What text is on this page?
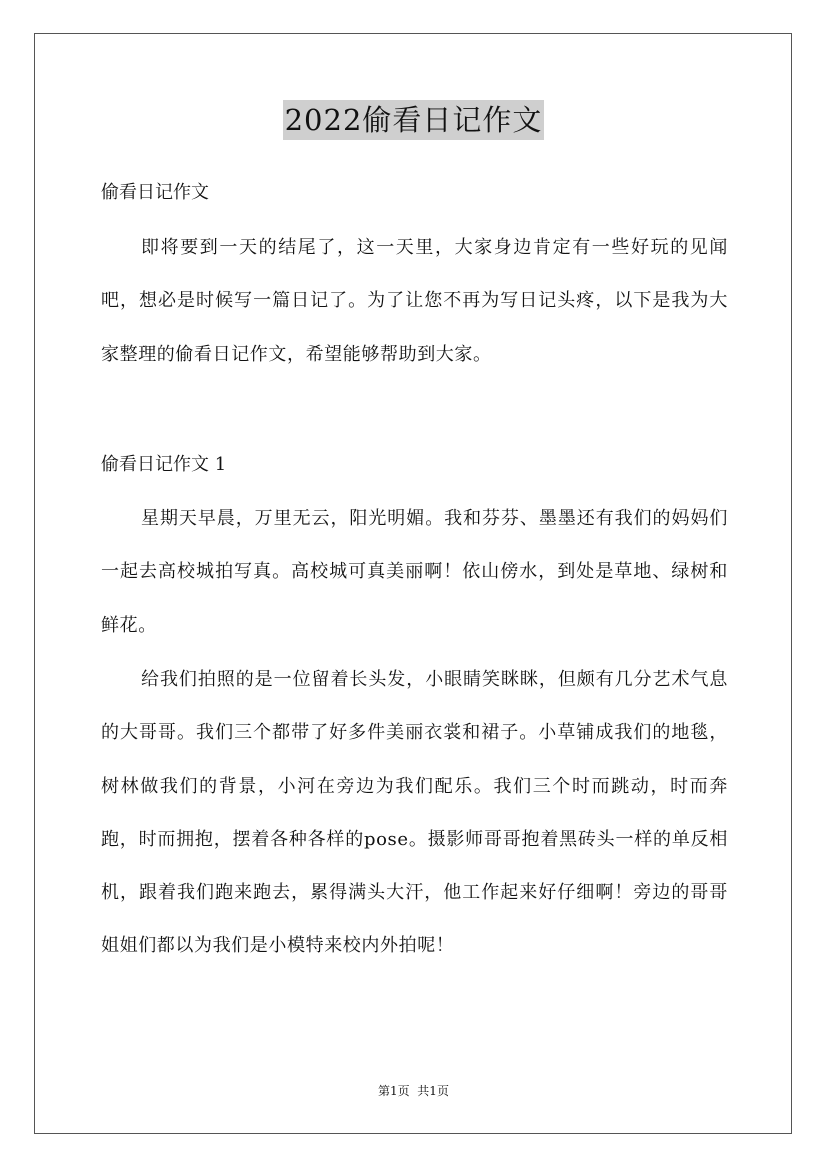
2022偷看日记作文

偷看日记作文

即将要到一天的结尾了，这一天里，大家身边肯定有一些好玩的见闻吧，想必是时候写一篇日记了。为了让您不再为写日记头疼，以下是我为大家整理的偷看日记作文，希望能够帮助到大家。

偷看日记作文 1

星期天早晨，万里无云，阳光明媚。我和芬芬、墨墨还有我们的妈妈们一起去高校城拍写真。高校城可真美丽啊！依山傍水，到处是草地、绿树和鲜花。

给我们拍照的是一位留着长头发，小眼睛笑眯眯，但颇有几分艺术气息的大哥哥。我们三个都带了好多件美丽衣裳和裙子。小草铺成我们的地毯，树林做我们的背景，小河在旁边为我们配乐。我们三个时而跳动，时而奔跑，时而拥抱，摆着各种各样的pose。摄影师哥哥抱着黑砖头一样的单反相机，跟着我们跑来跑去，累得满头大汗，他工作起来好仔细啊！旁边的哥哥姐姐们都以为我们是小模特来校内外拍呢！

第1页  共1页
